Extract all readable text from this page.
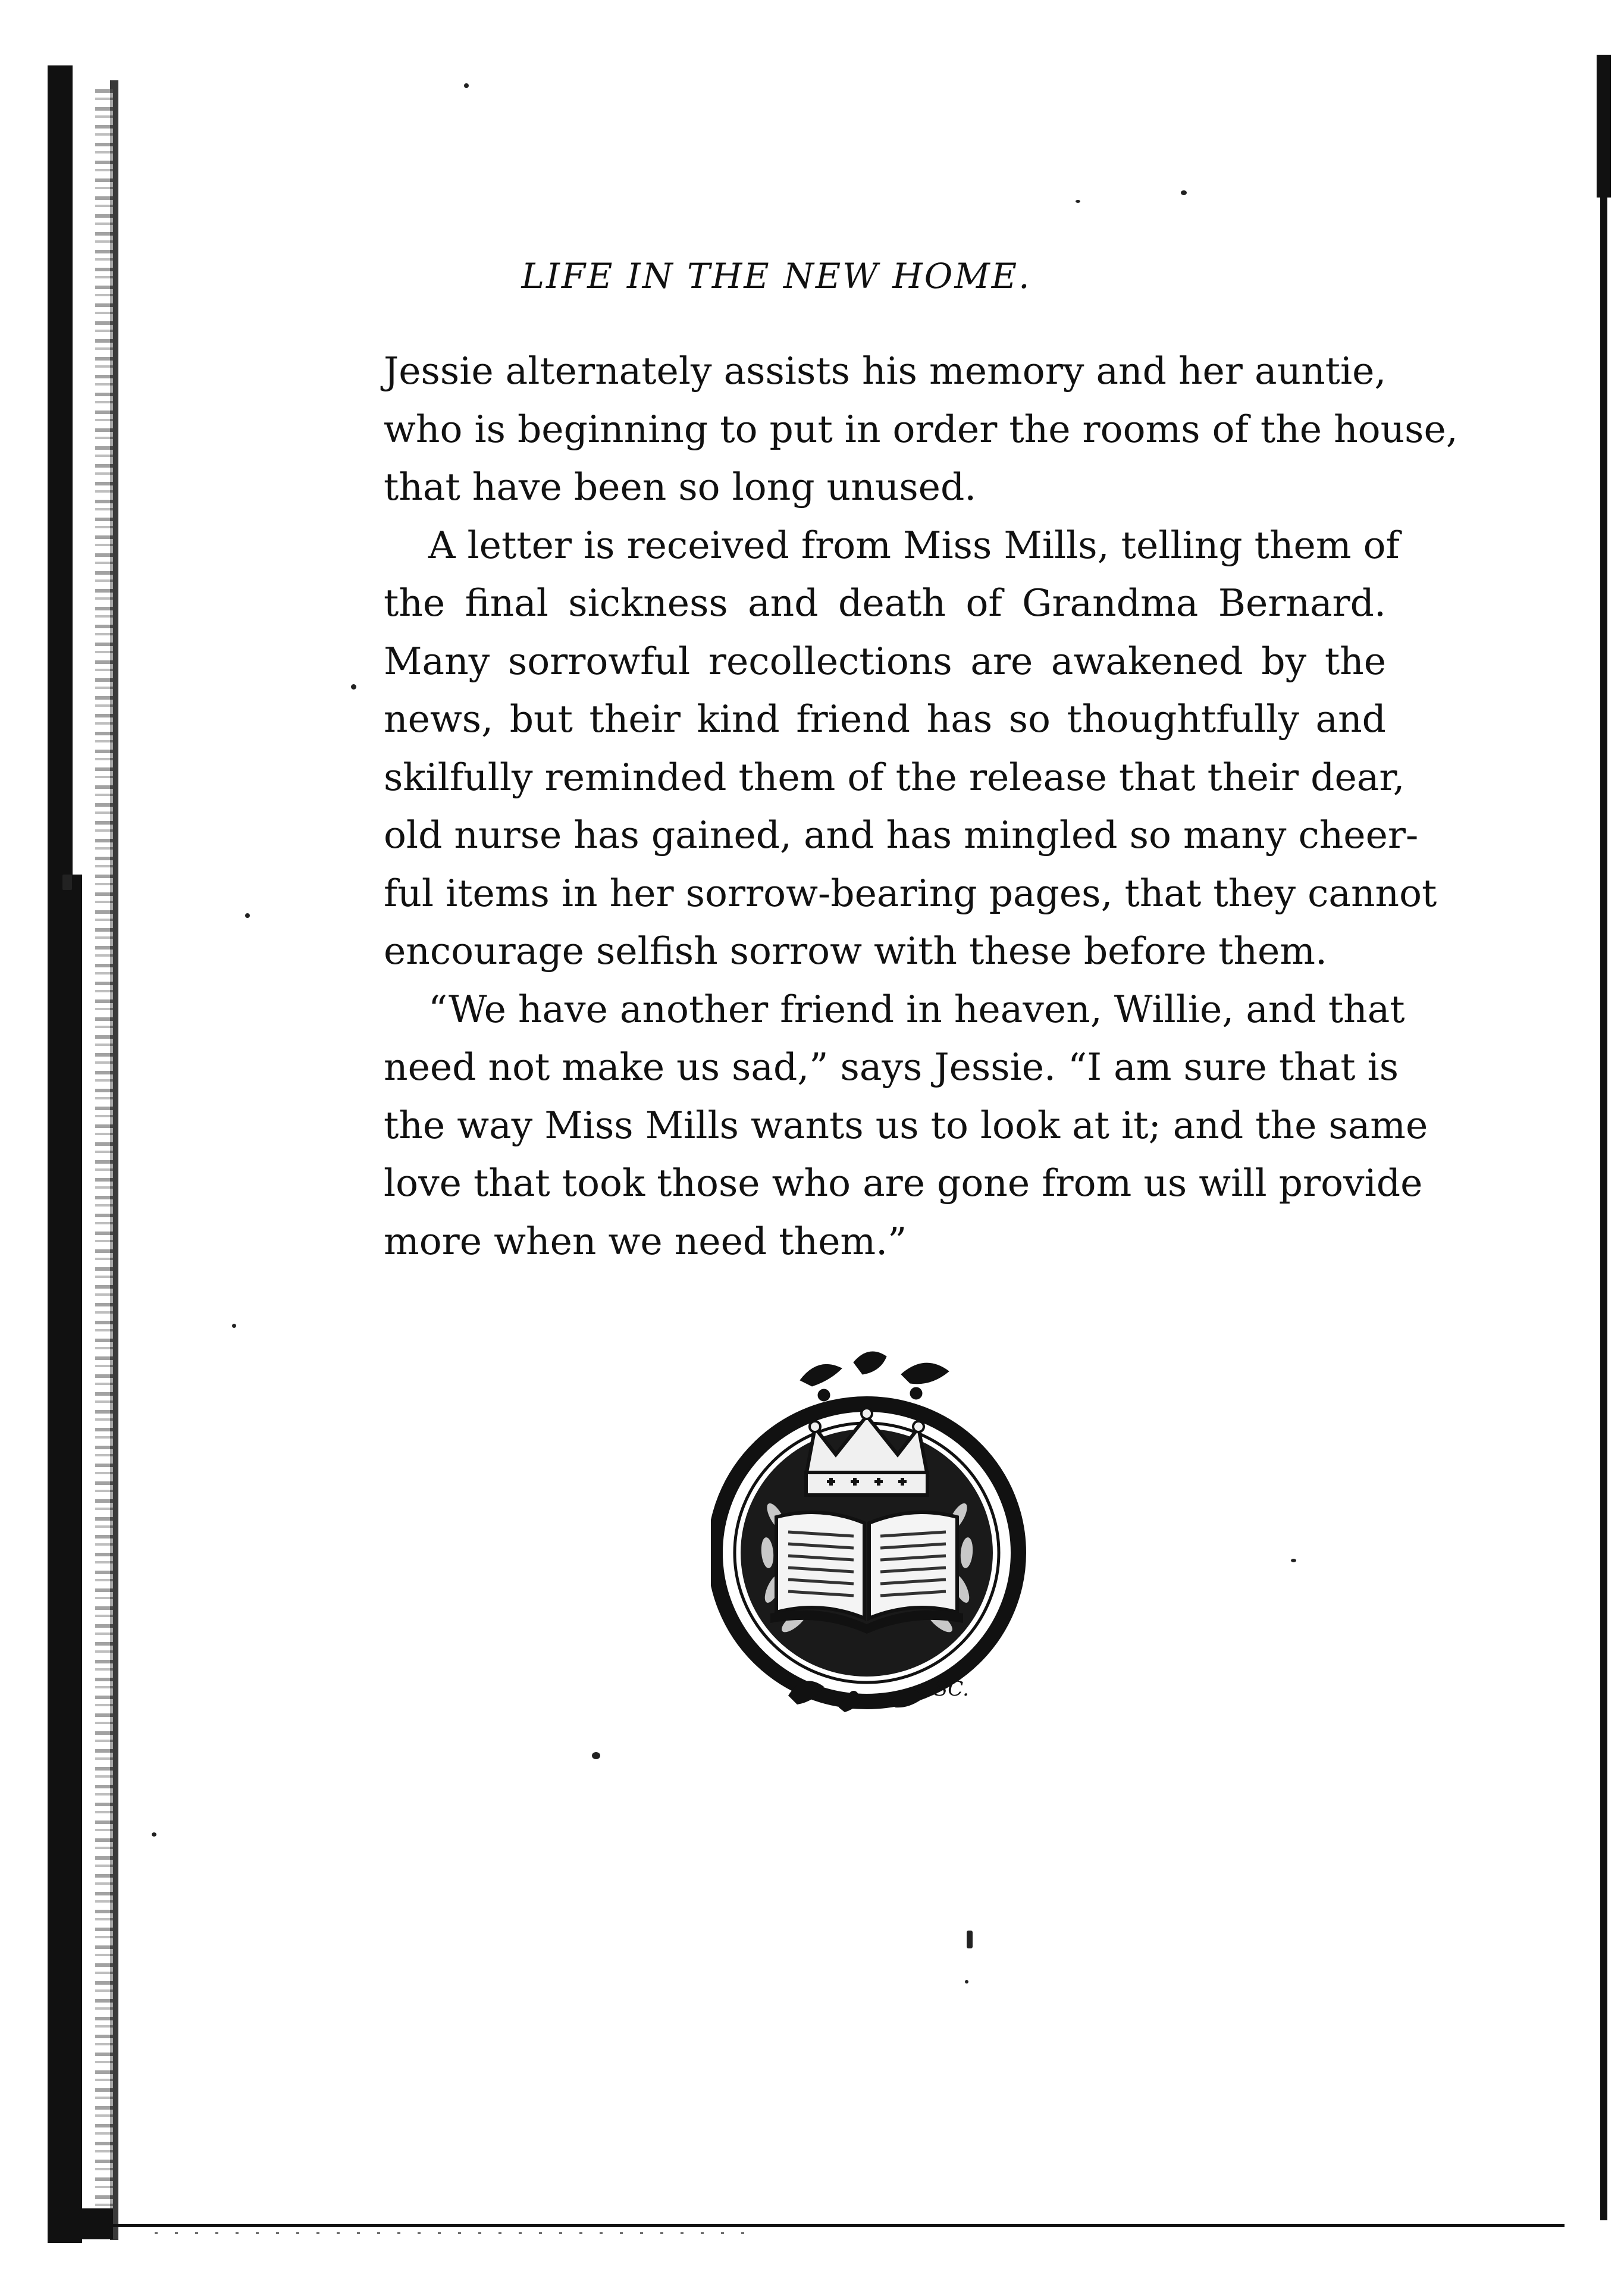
LIFE IN THE NEW HOME.
Jessie alternately assists his memory and her auntie,
who is beginning to put in order the rooms of the house,
that have been so long unused.
A letter is received from Miss Mills, telling them of
the final sickness and death of Grandma Bernard.
Many sorrowful recollections are awakened by the
news, but their kind friend has so thoughtfully and
skilfully reminded them of the release that their dear,
old nurse has gained, and has mingled so many cheer-
ful items in her sorrow-bearing pages, that they cannot
encourage selfish sorrow with these before them.
“We have another friend in heaven, Willie, and that
need not make us sad,” says Jessie. “I am sure that is
the way Miss Mills wants us to look at it; and the same
love that took those who are gone from us will provide
more when we need them.”
SC.
